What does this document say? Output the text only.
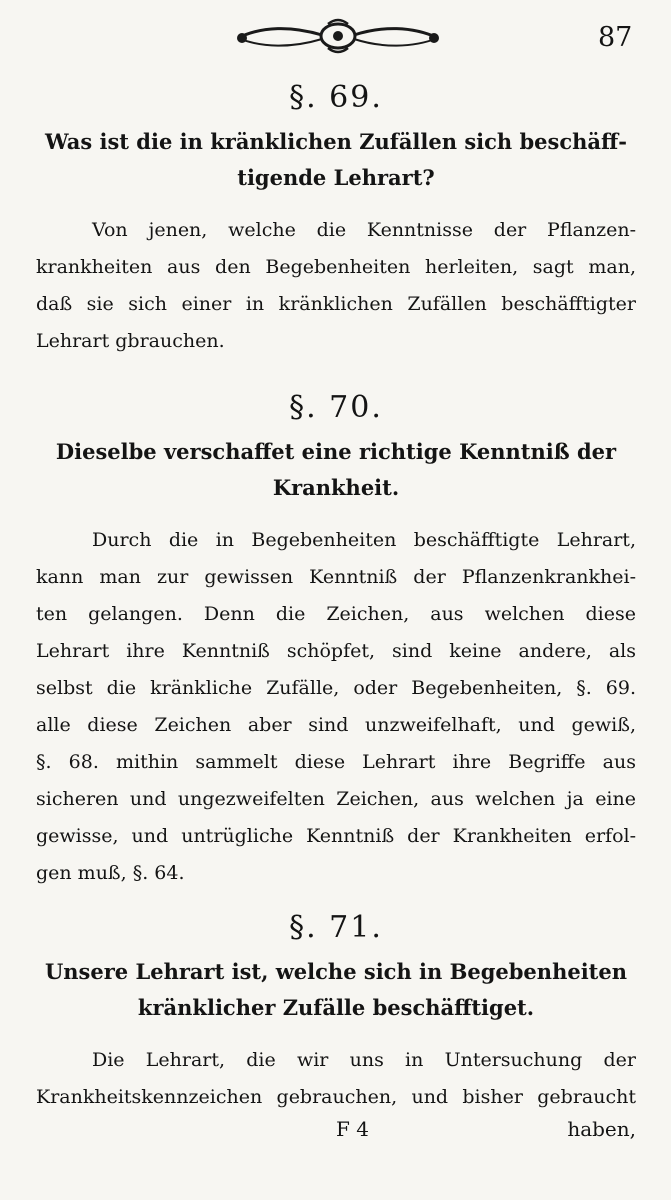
87
§. 69.
Was ist die in kränklichen Zufällen sich beschäff-
tigende Lehrart?
Von jenen, welche die Kenntnisse der Pflanzen-
krankheiten aus den Begebenheiten herleiten, sagt man,
daß sie sich einer in kränklichen Zufällen beschäfftigter
Lehrart gbrauchen.
§. 70.
Dieselbe verschaffet eine richtige Kenntniß der
Krankheit.
Durch die in Begebenheiten beschäfftigte Lehrart,
kann man zur gewissen Kenntniß der Pflanzenkrankhei-
ten gelangen. Denn die Zeichen, aus welchen diese
Lehrart ihre Kenntniß schöpfet, sind keine andere, als
selbst die kränkliche Zufälle, oder Begebenheiten, §. 69.
alle diese Zeichen aber sind unzweifelhaft, und gewiß,
§. 68. mithin sammelt diese Lehrart ihre Begriffe aus
sicheren und ungezweifelten Zeichen, aus welchen ja eine
gewisse, und untrügliche Kenntniß der Krankheiten erfol-
gen muß, §. 64.
§. 71.
Unsere Lehrart ist, welche sich in Begebenheiten
kränklicher Zufälle beschäfftiget.
Die Lehrart, die wir uns in Untersuchung der
Krankheitskennzeichen gebrauchen, und bisher gebraucht
F 4	haben,
